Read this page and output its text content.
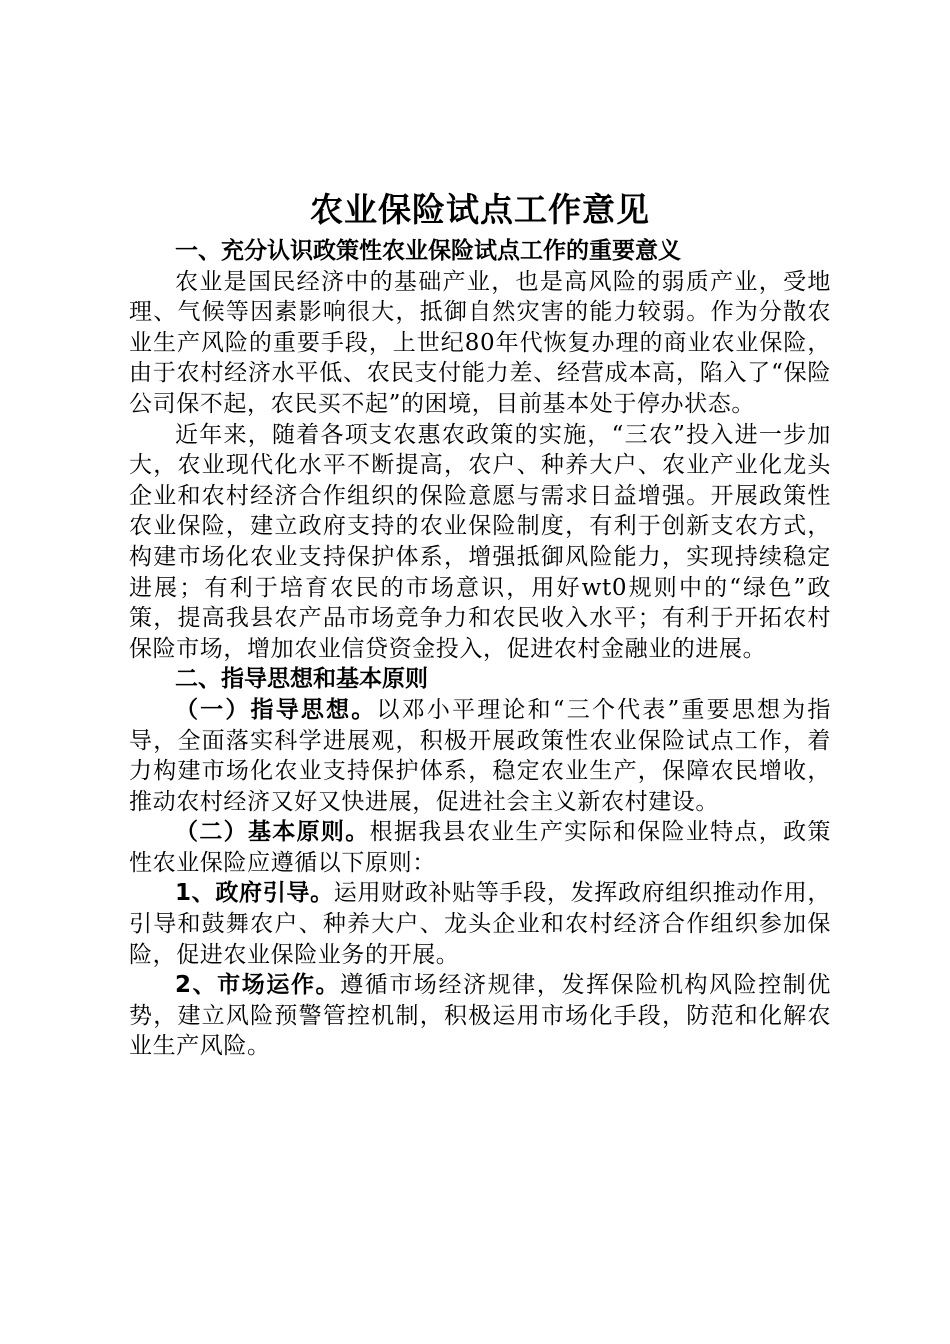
农业保险试点工作意见

一、充分认识政策性农业保险试点工作的重要意义

农业是国民经济中的基础产业，也是高风险的弱质产业，受地理、气候等因素影响很大，抵御自然灾害的能力较弱。作为分散农业生产风险的重要手段，上世纪80年代恢复办理的商业农业保险，由于农村经济水平低、农民支付能力差、经营成本高，陷入了“保险公司保不起，农民买不起”的困境，目前基本处于停办状态。

近年来，随着各项支农惠农政策的实施，“三农”投入进一步加大，农业现代化水平不断提高，农户、种养大户、农业产业化龙头企业和农村经济合作组织的保险意愿与需求日益增强。开展政策性农业保险，建立政府支持的农业保险制度，有利于创新支农方式，构建市场化农业支持保护体系，增强抵御风险能力，实现持续稳定进展；有利于培育农民的市场意识，用好wt0规则中的“绿色”政策，提高我县农产品市场竞争力和农民收入水平；有利于开拓农村保险市场，增加农业信贷资金投入，促进农村金融业的进展。

二、指导思想和基本原则

（一）指导思想。以邓小平理论和“三个代表”重要思想为指导，全面落实科学进展观，积极开展政策性农业保险试点工作，着力构建市场化农业支持保护体系，稳定农业生产，保障农民增收，推动农村经济又好又快进展，促进社会主义新农村建设。

（二）基本原则。根据我县农业生产实际和保险业特点，政策性农业保险应遵循以下原则：

1、政府引导。运用财政补贴等手段，发挥政府组织推动作用，引导和鼓舞农户、种养大户、龙头企业和农村经济合作组织参加保险，促进农业保险业务的开展。

2、市场运作。遵循市场经济规律，发挥保险机构风险控制优势，建立风险预警管控机制，积极运用市场化手段，防范和化解农业生产风险。
